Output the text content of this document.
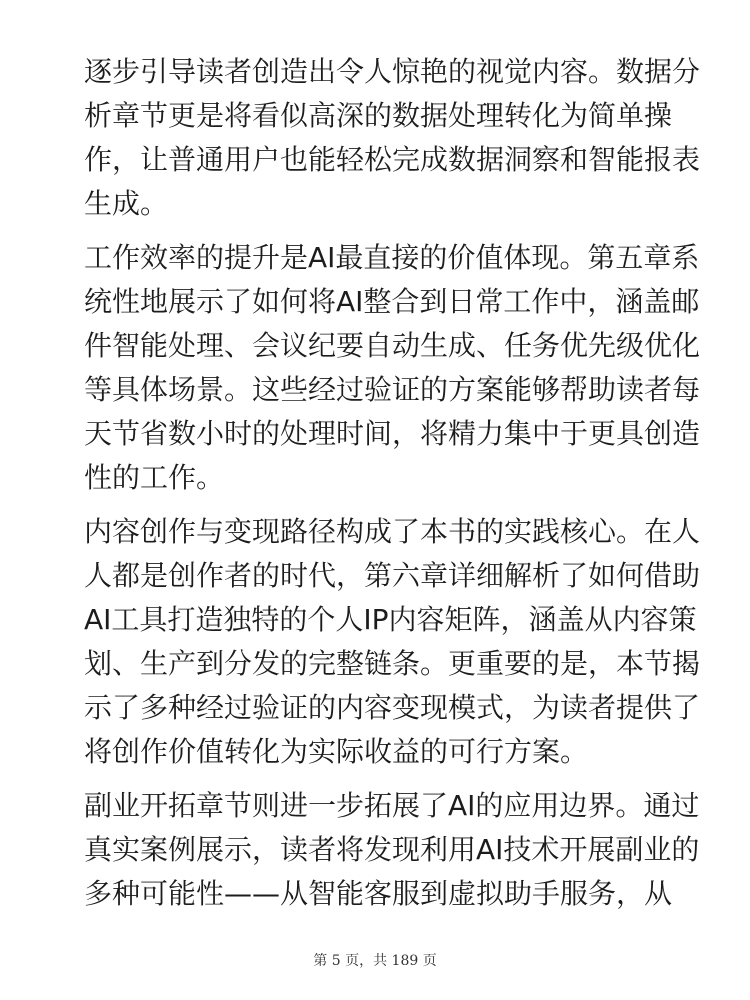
逐步引导读者创造出令人惊艳的视觉内容。数据分
析章节更是将看似高深的数据处理转化为简单操
作，让普通用户也能轻松完成数据洞察和智能报表
生成。

工作效率的提升是AI最直接的价值体现。第五章系
统性地展示了如何将AI整合到日常工作中，涵盖邮
件智能处理、会议纪要自动生成、任务优先级优化
等具体场景。这些经过验证的方案能够帮助读者每
天节省数小时的处理时间，将精力集中于更具创造
性的工作。

内容创作与变现路径构成了本书的实践核心。在人
人都是创作者的时代，第六章详细解析了如何借助
AI工具打造独特的个人IP内容矩阵，涵盖从内容策
划、生产到分发的完整链条。更重要的是，本节揭
示了多种经过验证的内容变现模式，为读者提供了
将创作价值转化为实际收益的可行方案。

副业开拓章节则进一步拓展了AI的应用边界。通过
真实案例展示，读者将发现利用AI技术开展副业的
多种可能性——从智能客服到虚拟助手服务，从

第 5 页，共 189 页
